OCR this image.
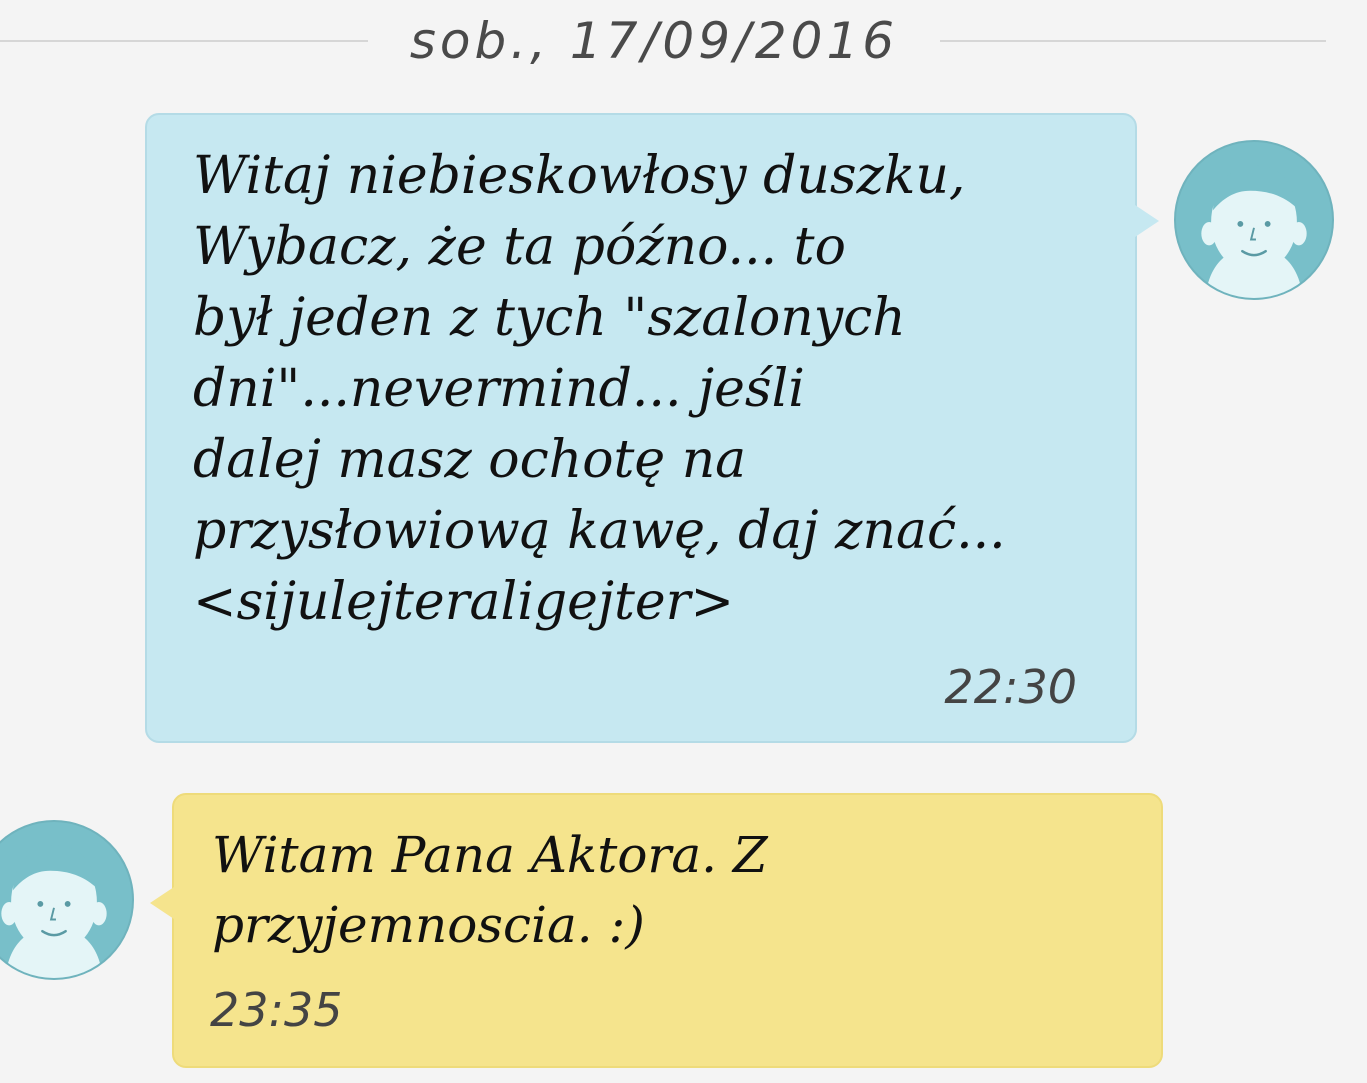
sob., 17/09/2016

Witaj niebieskowłosy duszku,
Wybacz, że ta późno... to
był jeden z tych "szalonych
dni"...nevermind... jeśli
dalej masz ochotę na
przysłowiową kawę, daj znać...
<sijulejteraligejter>

22:30

Witam Pana Aktora. Z
przyjemnoscia. :)

23:35
